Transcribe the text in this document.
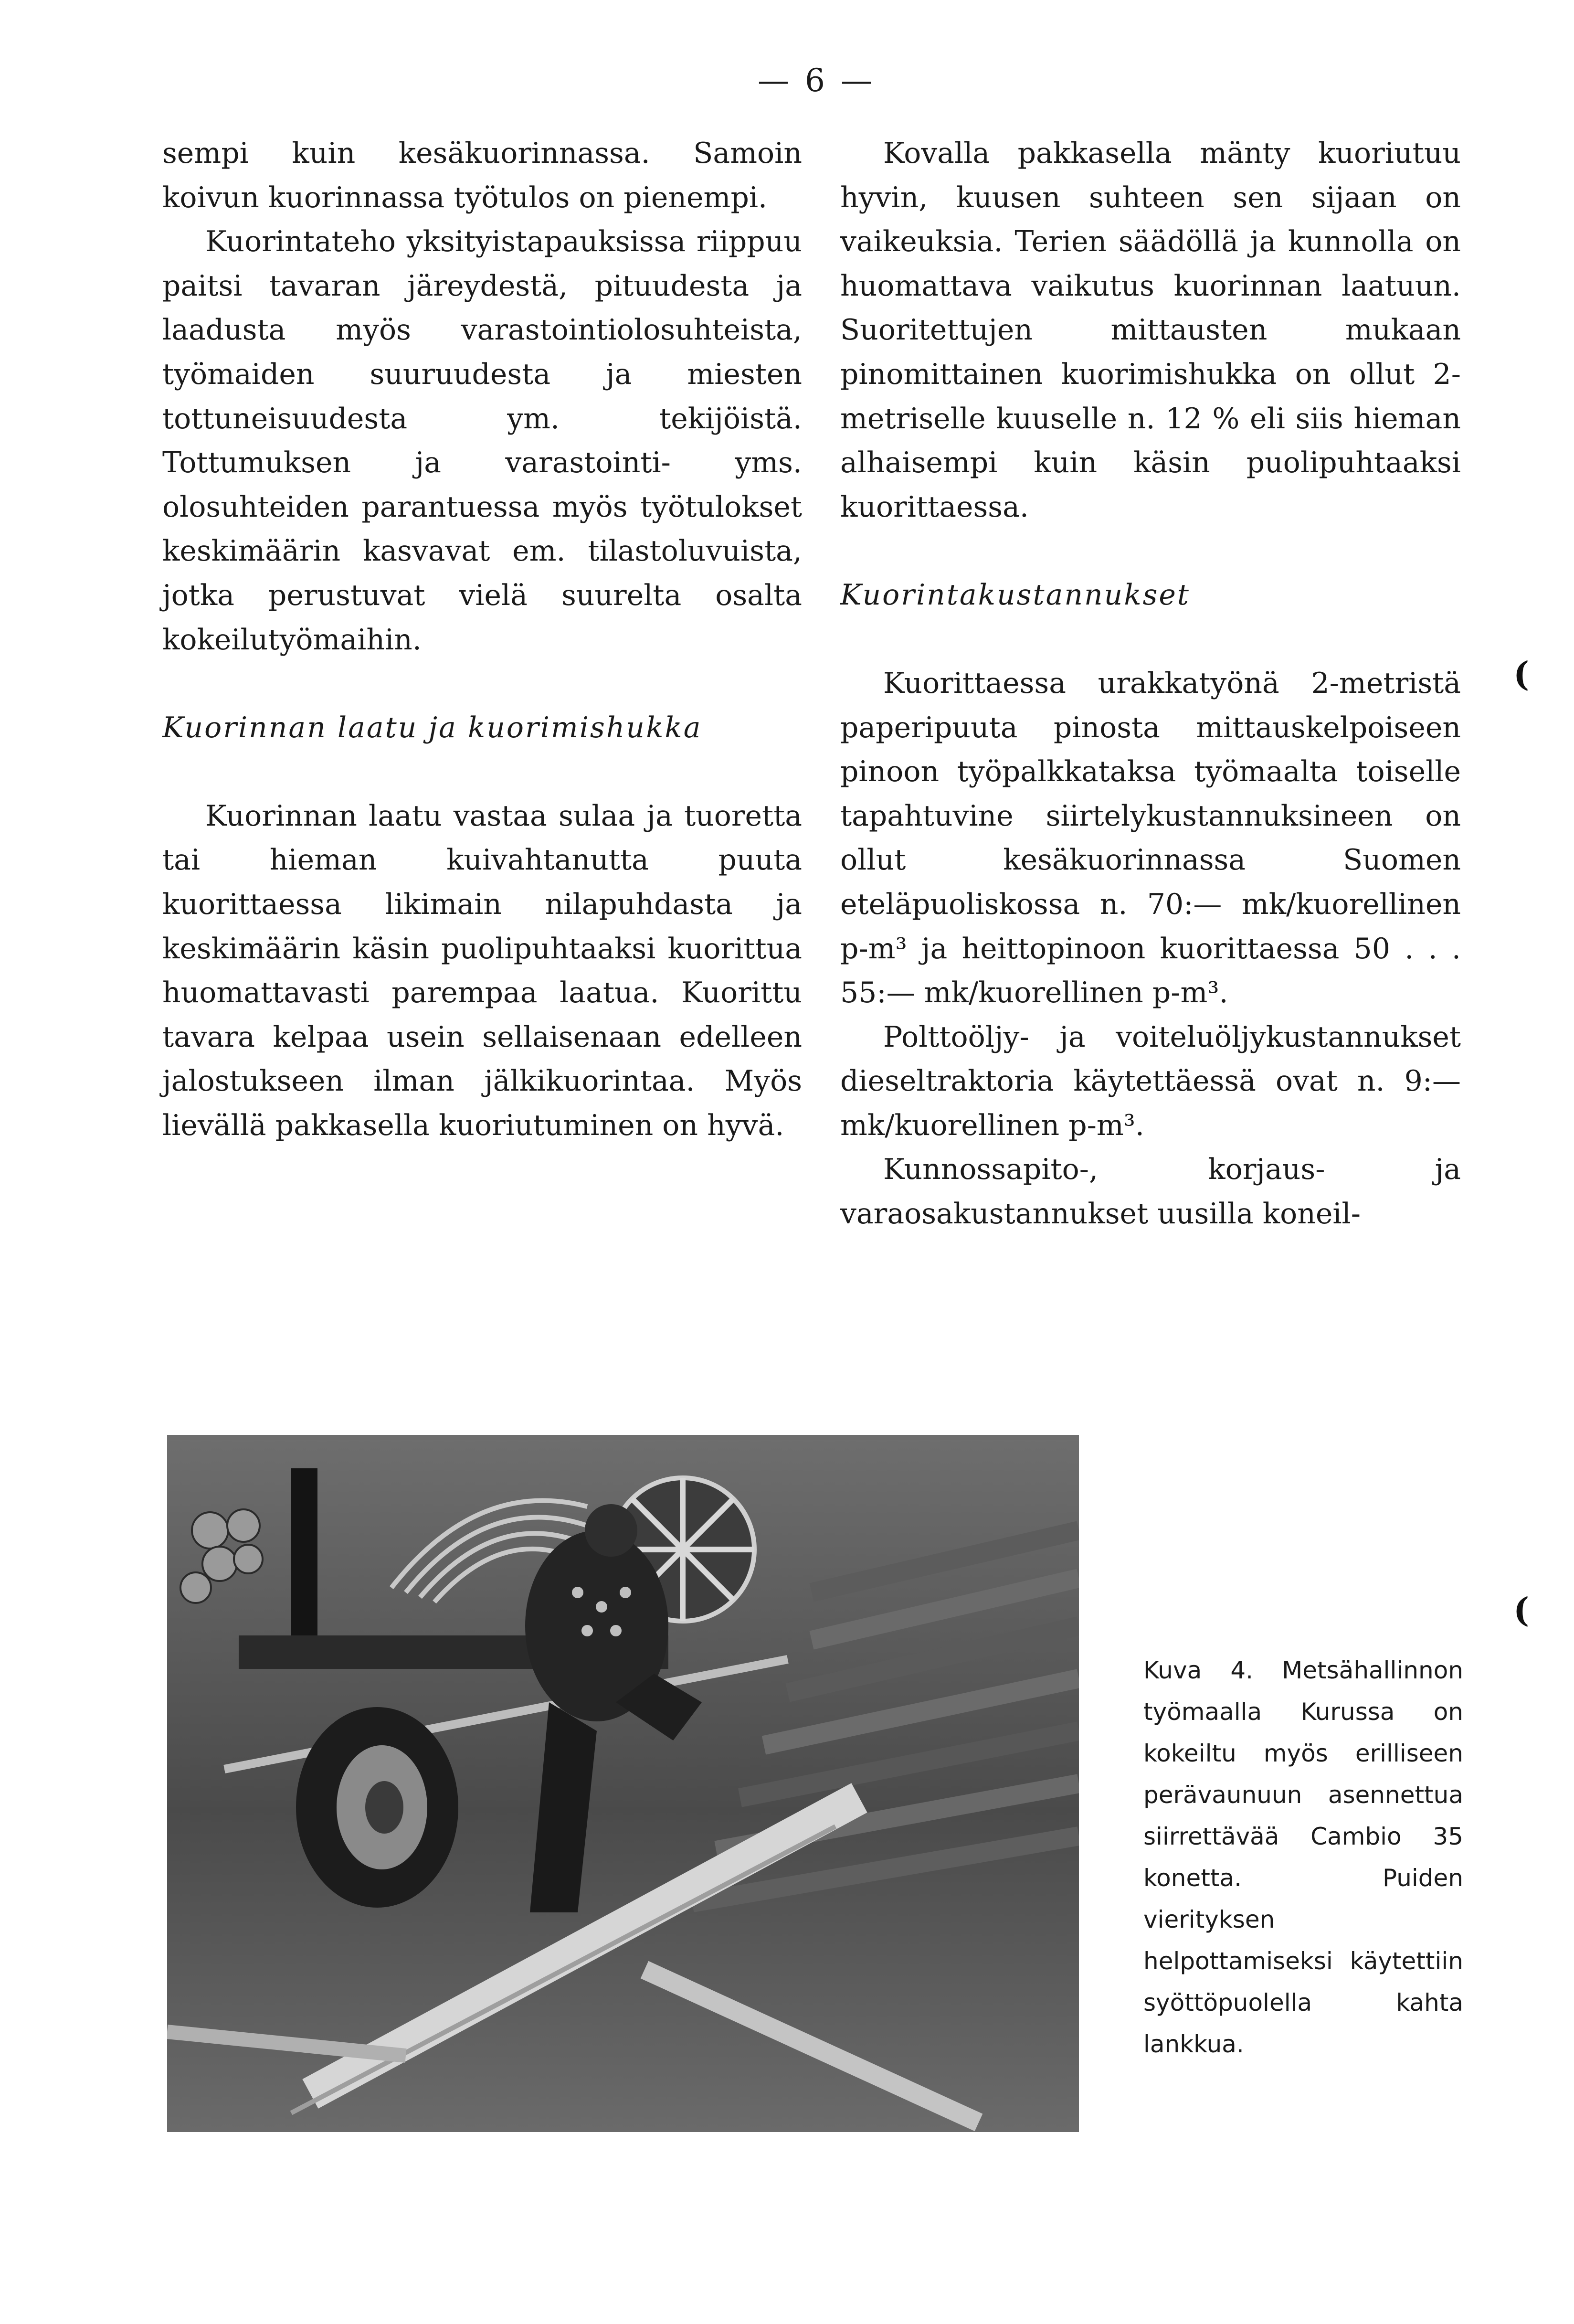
— 6 —

sempi kuin kesäkuorinnassa. Samoin koivun kuorinnassa työtulos on pienempi.

Kuorintateho yksityistapauksissa riippuu paitsi tavaran järeydestä, pituudesta ja laadusta myös varastointiolosuhteista, työmaiden suuruudesta ja miesten tottuneisuudesta ym. tekijöistä. Tottumuksen ja varastointi- yms. olosuhteiden parantuessa myös työtulokset keskimäärin kasvavat em. tilastoluvuista, jotka perustuvat vielä suurelta osalta kokeilutyömaihin.

Kuorinnan laatu ja kuorimishukka

Kuorinnan laatu vastaa sulaa ja tuoretta tai hieman kuivahtanutta puuta kuorittaessa likimain nilapuhdasta ja keskimäärin käsin puolipuhtaaksi kuorittua huomattavasti parempaa laatua. Kuorittu tavara kelpaa usein sellaisenaan edelleen jalostukseen ilman jälkikuorintaa. Myös lievällä pakkasella kuoriutuminen on hyvä.

Kovalla pakkasella mänty kuoriutuu hyvin, kuusen suhteen sen sijaan on vaikeuksia. Terien säädöllä ja kunnolla on huomattava vaikutus kuorinnan laatuun. Suoritettujen mittausten mukaan pinomittainen kuorimishukka on ollut 2-metriselle kuuselle n. 12 % eli siis hieman alhaisempi kuin käsin puolipuhtaaksi kuorittaessa.

Kuorintakustannukset

Kuorittaessa urakkatyönä 2-metristä paperipuuta pinosta mittauskelpoiseen pinoon työpalkkataksa työmaalta toiselle tapahtuvine siirtelykustannuksineen on ollut kesäkuorinnassa Suomen eteläpuoliskossa n. 70:— mk/kuorellinen p-m³ ja heittopinoon kuorittaessa 50 . . . 55:— mk/kuorellinen p-m³.

Polttoöljy- ja voiteluöljykustannukset dieseltraktoria käytettäessä ovat n. 9:— mk/kuorellinen p-m³.

Kunnossapito-, korjaus- ja varaosakustannukset uusilla koneil-

Kuva 4. Metsähallinnon työmaalla Kurussa on kokeiltu myös erilliseen perävaunuun asennettua siirrettävää Cambio 35 konetta. Puiden vierityksen helpottamiseksi käytettiin syöttöpuolella kahta lankkua.
(
(
